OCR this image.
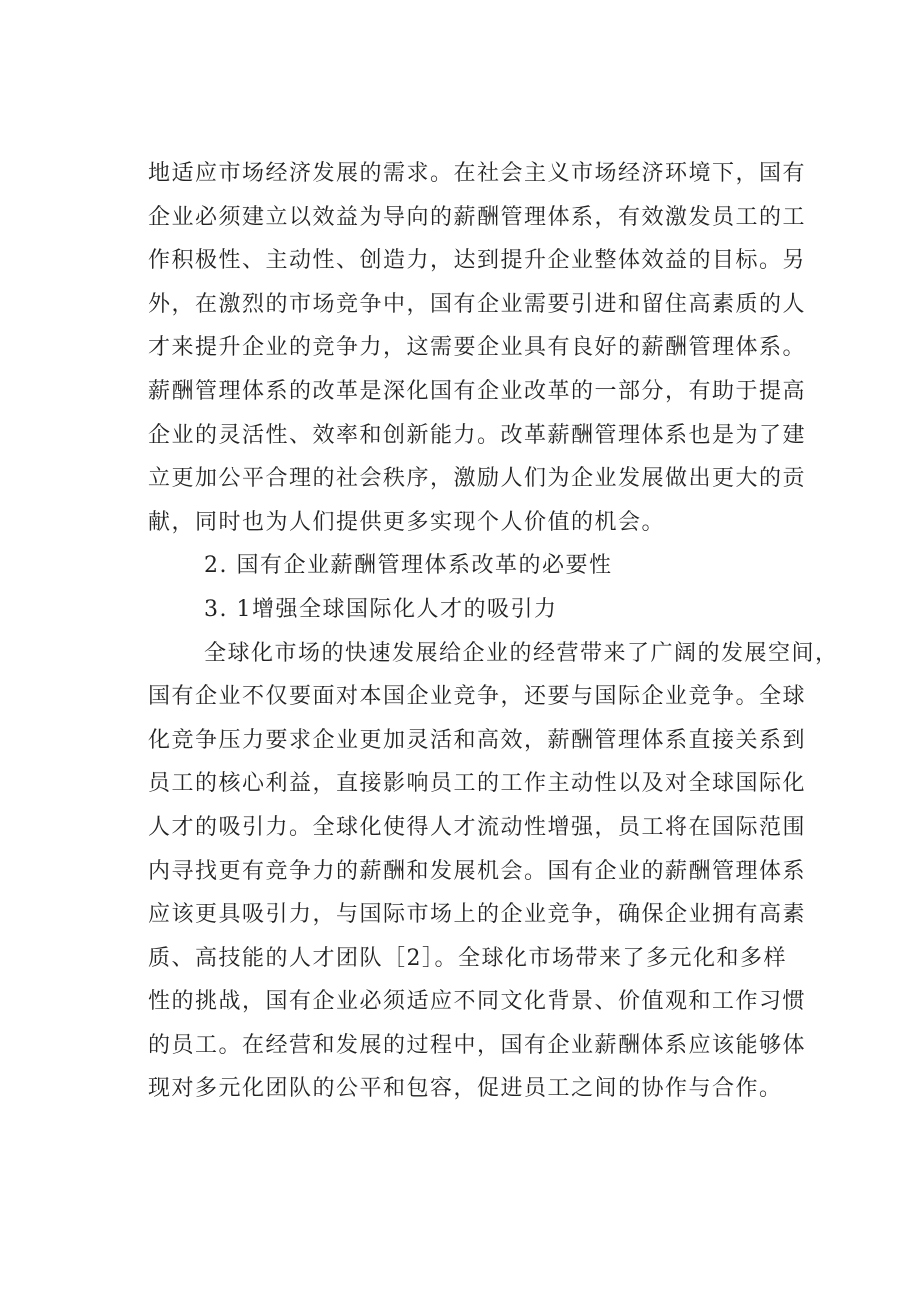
地适应市场经济发展的需求。在社会主义市场经济环境下，国有
企业必须建立以效益为导向的薪酬管理体系，有效激发员工的工
作积极性、主动性、创造力，达到提升企业整体效益的目标。另
外，在激烈的市场竞争中，国有企业需要引进和留住高素质的人
才来提升企业的竞争力，这需要企业具有良好的薪酬管理体系。
薪酬管理体系的改革是深化国有企业改革的一部分，有助于提高
企业的灵活性、效率和创新能力。改革薪酬管理体系也是为了建
立更加公平合理的社会秩序，激励人们为企业发展做出更大的贡
献，同时也为人们提供更多实现个人价值的机会。
2. 国有企业薪酬管理体系改革的必要性
3. 1增强全球国际化人才的吸引力
全球化市场的快速发展给企业的经营带来了广阔的发展空间，
国有企业不仅要面对本国企业竞争，还要与国际企业竞争。全球
化竞争压力要求企业更加灵活和高效，薪酬管理体系直接关系到
员工的核心利益，直接影响员工的工作主动性以及对全球国际化
人才的吸引力。全球化使得人才流动性增强，员工将在国际范围
内寻找更有竞争力的薪酬和发展机会。国有企业的薪酬管理体系
应该更具吸引力，与国际市场上的企业竞争，确保企业拥有高素
质、高技能的人才团队［2］。全球化市场带来了多元化和多样
性的挑战，国有企业必须适应不同文化背景、价值观和工作习惯
的员工。在经营和发展的过程中，国有企业薪酬体系应该能够体
现对多元化团队的公平和包容，促进员工之间的协作与合作。
